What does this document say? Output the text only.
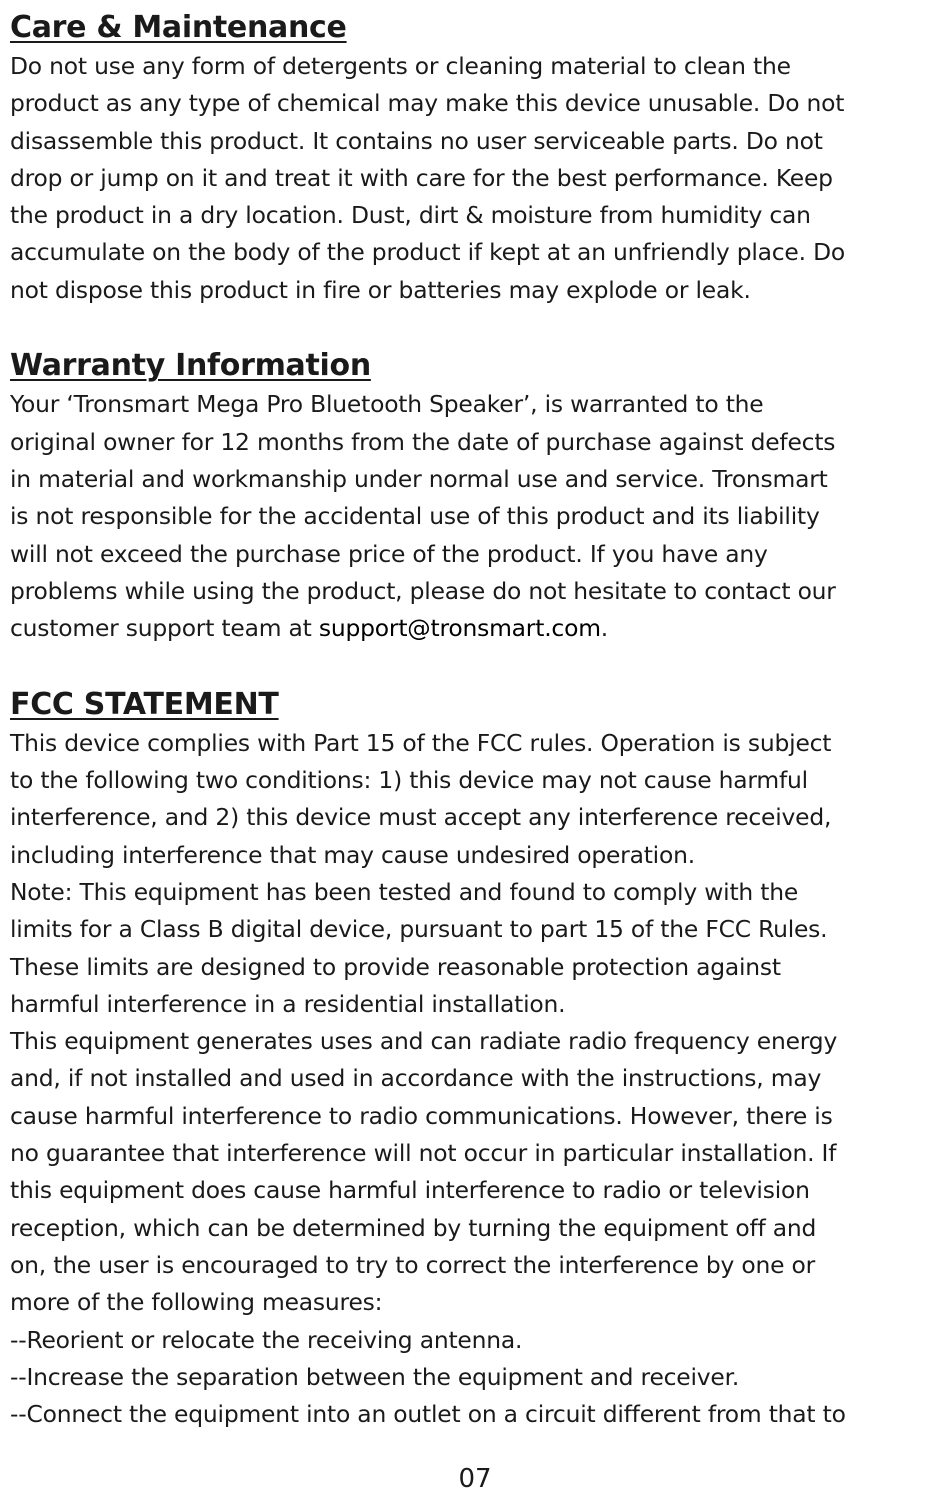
Care & Maintenance
Do not use any form of detergents or cleaning material to clean the
product as any type of chemical may make this device unusable. Do not
disassemble this product. It contains no user serviceable parts. Do not
drop or jump on it and treat it with care for the best performance. Keep
the product in a dry location. Dust, dirt & moisture from humidity can
accumulate on the body of the product if kept at an unfriendly place. Do
not dispose this product in fire or batteries may explode or leak.
Warranty Information
Your ‘Tronsmart Mega Pro Bluetooth Speaker’, is warranted to the
original owner for 12 months from the date of purchase against defects
in material and workmanship under normal use and service. Tronsmart
is not responsible for the accidental use of this product and its liability
will not exceed the purchase price of the product. If you have any
problems while using the product, please do not hesitate to contact our
customer support team at support@tronsmart.com.
FCC STATEMENT
This device complies with Part 15 of the FCC rules. Operation is subject
to the following two conditions: 1) this device may not cause harmful
interference, and 2) this device must accept any interference received,
including interference that may cause undesired operation.
Note: This equipment has been tested and found to comply with the
limits for a Class B digital device, pursuant to part 15 of the FCC Rules.
These limits are designed to provide reasonable protection against
harmful interference in a residential installation.
This equipment generates uses and can radiate radio frequency energy
and, if not installed and used in accordance with the instructions, may
cause harmful interference to radio communications. However, there is
no guarantee that interference will not occur in particular installation. If
this equipment does cause harmful interference to radio or television
reception, which can be determined by turning the equipment off and
on, the user is encouraged to try to correct the interference by one or
more of the following measures:
--Reorient or relocate the receiving antenna.
--Increase the separation between the equipment and receiver.
--Connect the equipment into an outlet on a circuit different from that to
07
